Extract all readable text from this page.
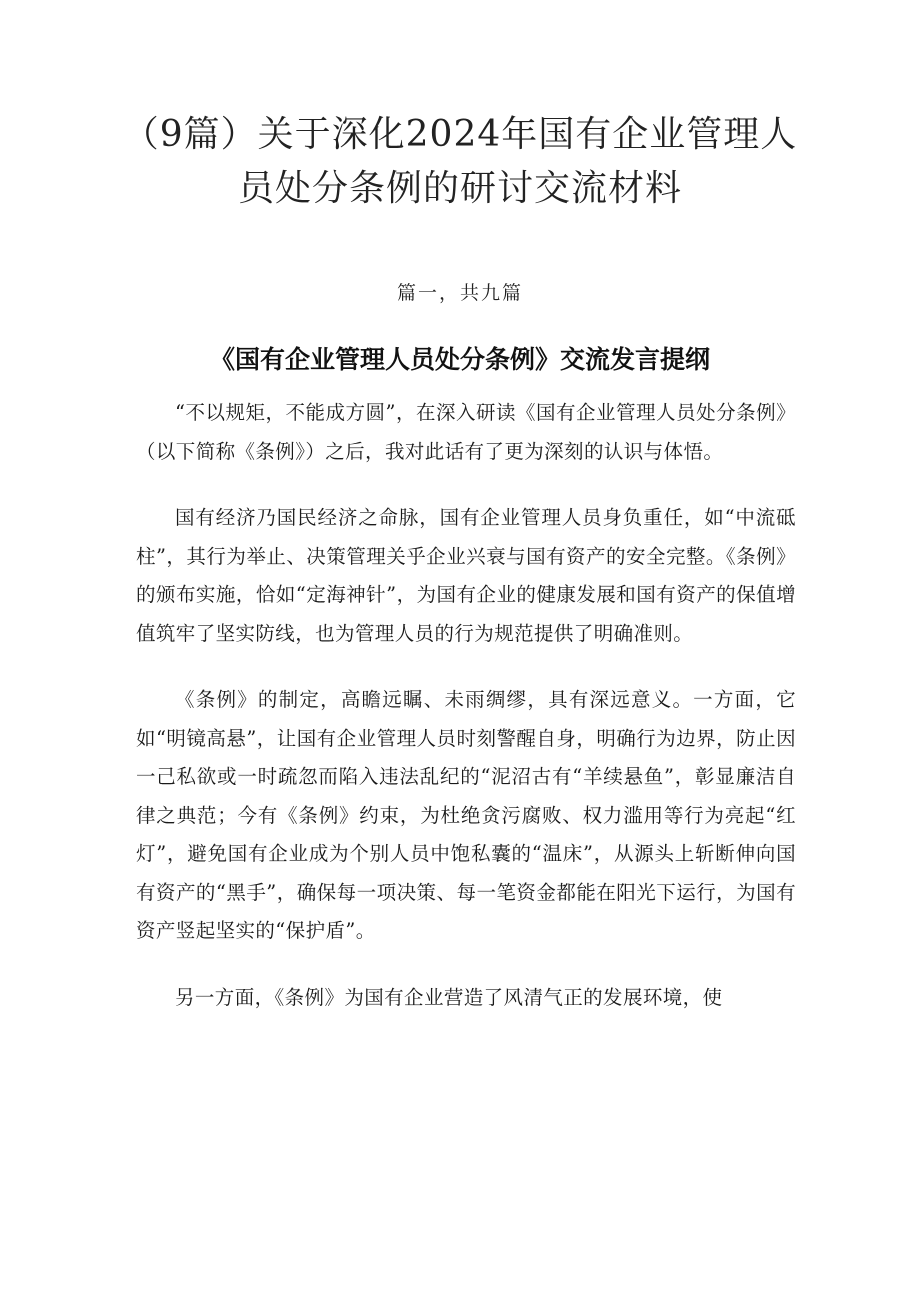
（9篇）关于深化2024年国有企业管理人
员处分条例的研讨交流材料
篇一，共九篇
《国有企业管理人员处分条例》交流发言提纲

“不以规矩，不能成方圆”，在深入研读《国有企业管理人员处分条例》（以下简称《条例》）之后，我对此话有了更为深刻的认识与体悟。

国有经济乃国民经济之命脉，国有企业管理人员身负重任，如“中流砥柱”，其行为举止、决策管理关乎企业兴衰与国有资产的安全完整。《条例》的颁布实施，恰如“定海神针”，为国有企业的健康发展和国有资产的保值增值筑牢了坚实防线，也为管理人员的行为规范提供了明确准则。

《条例》的制定，高瞻远瞩、未雨绸缪，具有深远意义。一方面，它如“明镜高悬”，让国有企业管理人员时刻警醒自身，明确行为边界，防止因一己私欲或一时疏忽而陷入违法乱纪的“泥沼古有“羊续悬鱼”，彰显廉洁自律之典范；今有《条例》约束，为杜绝贪污腐败、权力滥用等行为亮起“红灯”，避免国有企业成为个别人员中饱私囊的“温床”，从源头上斩断伸向国有资产的“黑手”，确保每一项决策、每一笔资金都能在阳光下运行，为国有资产竖起坚实的“保护盾”。

另一方面，《条例》为国有企业营造了风清气正的发展环境，使
